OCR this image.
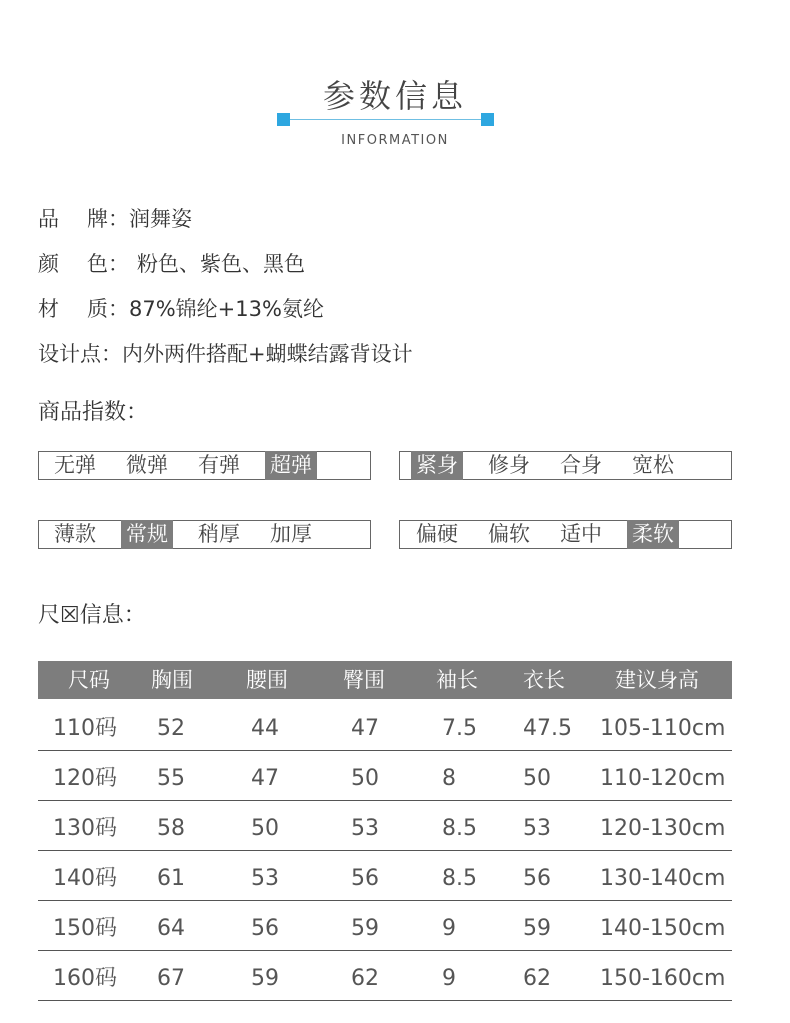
参数信息
INFORMATION
品 牌：润舞姿
颜 色： 粉色、紫色、黑色
材 质：87%锦纶+13%氨纶
设计点：内外两件搭配+蝴蝶结露背设计
商品指数：
无弹 微弹 有弹 超弹	紧身 修身 合身 宽松
薄款 常规 稍厚 加厚	偏硬 偏软 适中 柔软
尺☒信息：
尺码 胸围	腰围	臀围 袖长 衣长 建议身高
110码 52	44	47	7.5 47.5 105-110cm
120码 55	47	50	8	50 110-120cm
130码 58	50	53	8.5 53 120-130cm
140码 61	53	56	8.5 56 130-140cm
150码 64	56	59	9	59 140-150cm
160码 67	59	62	9	62 150-160cm
